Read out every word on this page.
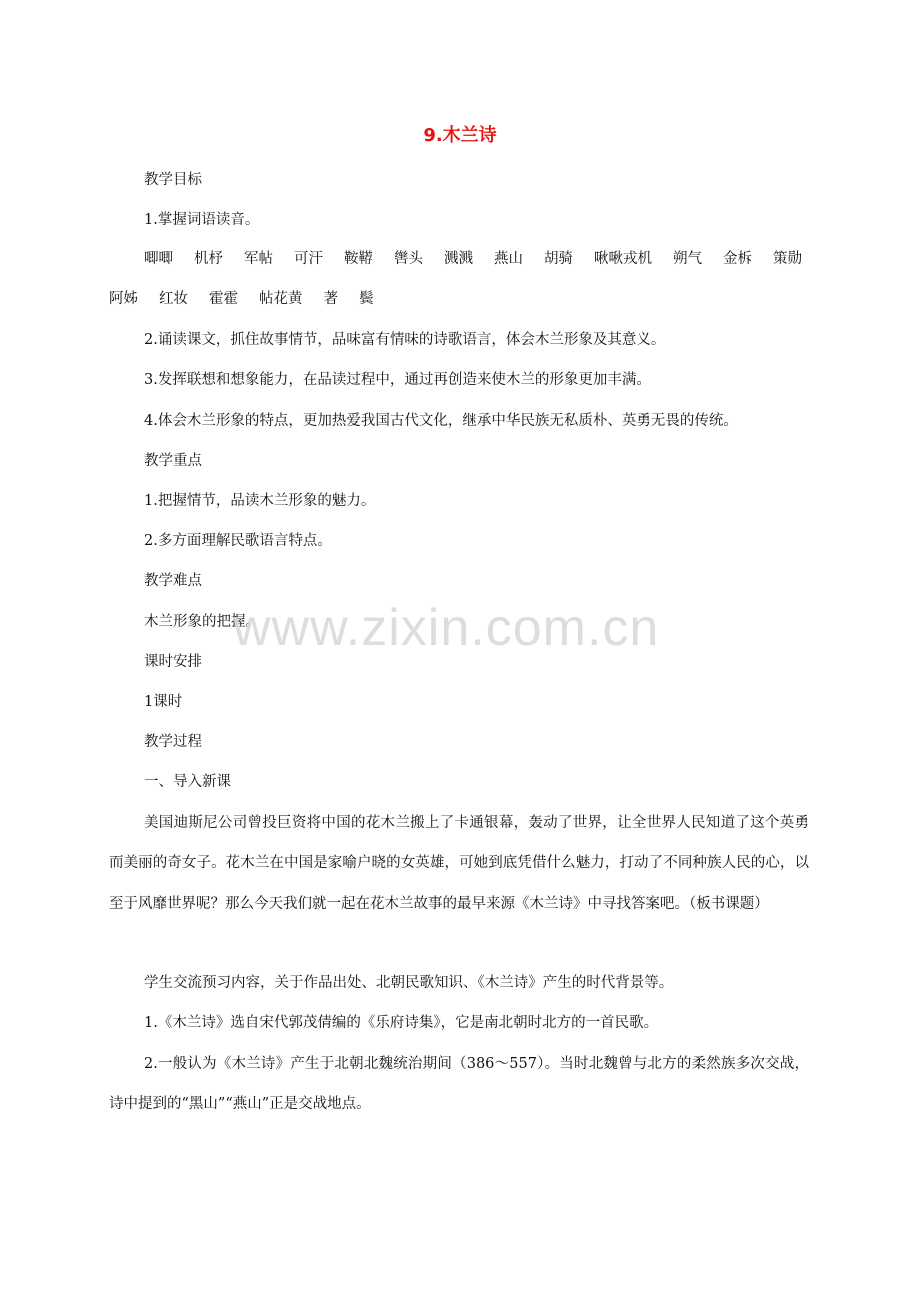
9.木兰诗
教学目标
1.掌握词语读音。
唧唧 机杼 军帖 可汗 鞍鞯 辔头 溅溅 燕山 胡骑 啾啾戎机 朔气 金柝 策勋
阿姊 红妆 霍霍 帖花黄 著 鬓
2.诵读课文，抓住故事情节，品味富有情味的诗歌语言，体会木兰形象及其意义。
3.发挥联想和想象能力，在品读过程中，通过再创造来使木兰的形象更加丰满。
4.体会木兰形象的特点，更加热爱我国古代文化，继承中华民族无私质朴、英勇无畏的传统。
教学重点
1.把握情节，品读木兰形象的魅力。
2.多方面理解民歌语言特点。
教学难点
木兰形象的把握。
课时安排
1课时
教学过程
一、导入新课
美国迪斯尼公司曾投巨资将中国的花木兰搬上了卡通银幕，轰动了世界，让全世界人民知道了这个英勇而美丽的奇女子。花木兰在中国是家喻户晓的女英雄，可她到底凭借什么魅力，打动了不同种族人民的心，以至于风靡世界呢？那么今天我们就一起在花木兰故事的最早来源《木兰诗》中寻找答案吧。（板书课题）
学生交流预习内容，关于作品出处、北朝民歌知识、《木兰诗》产生的时代背景等。
1.《木兰诗》选自宋代郭茂倩编的《乐府诗集》，它是南北朝时北方的一首民歌。
2.一般认为《木兰诗》产生于北朝北魏统治期间（386～557）。当时北魏曾与北方的柔然族多次交战，诗中提到的“黑山”“燕山”正是交战地点。
www.zixin.com.cn
